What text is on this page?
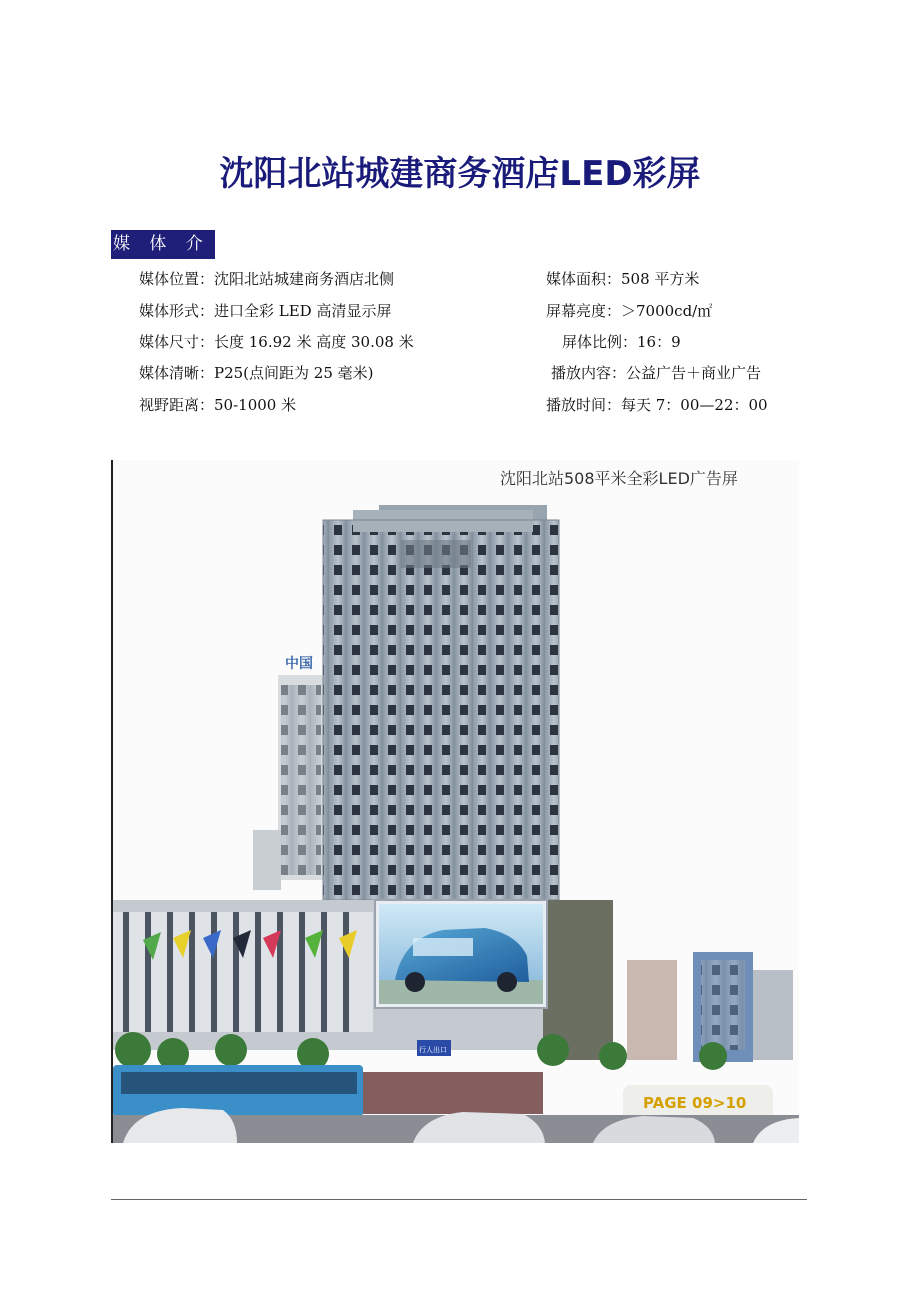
沈阳北站城建商务酒店LED彩屏
媒 体 介 绍 媒体位置：沈阳北站城建商务酒店北侧
媒体形式：进口全彩 LED 高清显示屏
媒体尺寸：长度 16.92 米 高度 30.08 米
媒体清晰：P25(点间距为 25 毫米)
视野距离：50-1000 米
媒体面积：508 平方米
屏幕亮度：＞7000cd/㎡
屏体比例：16：9
播放内容：公益广告＋商业广告
播放时间：每天 7：00—22：00
中国
行人出口
PAGE 09>10
沈阳北站508平米全彩LED广告屏
